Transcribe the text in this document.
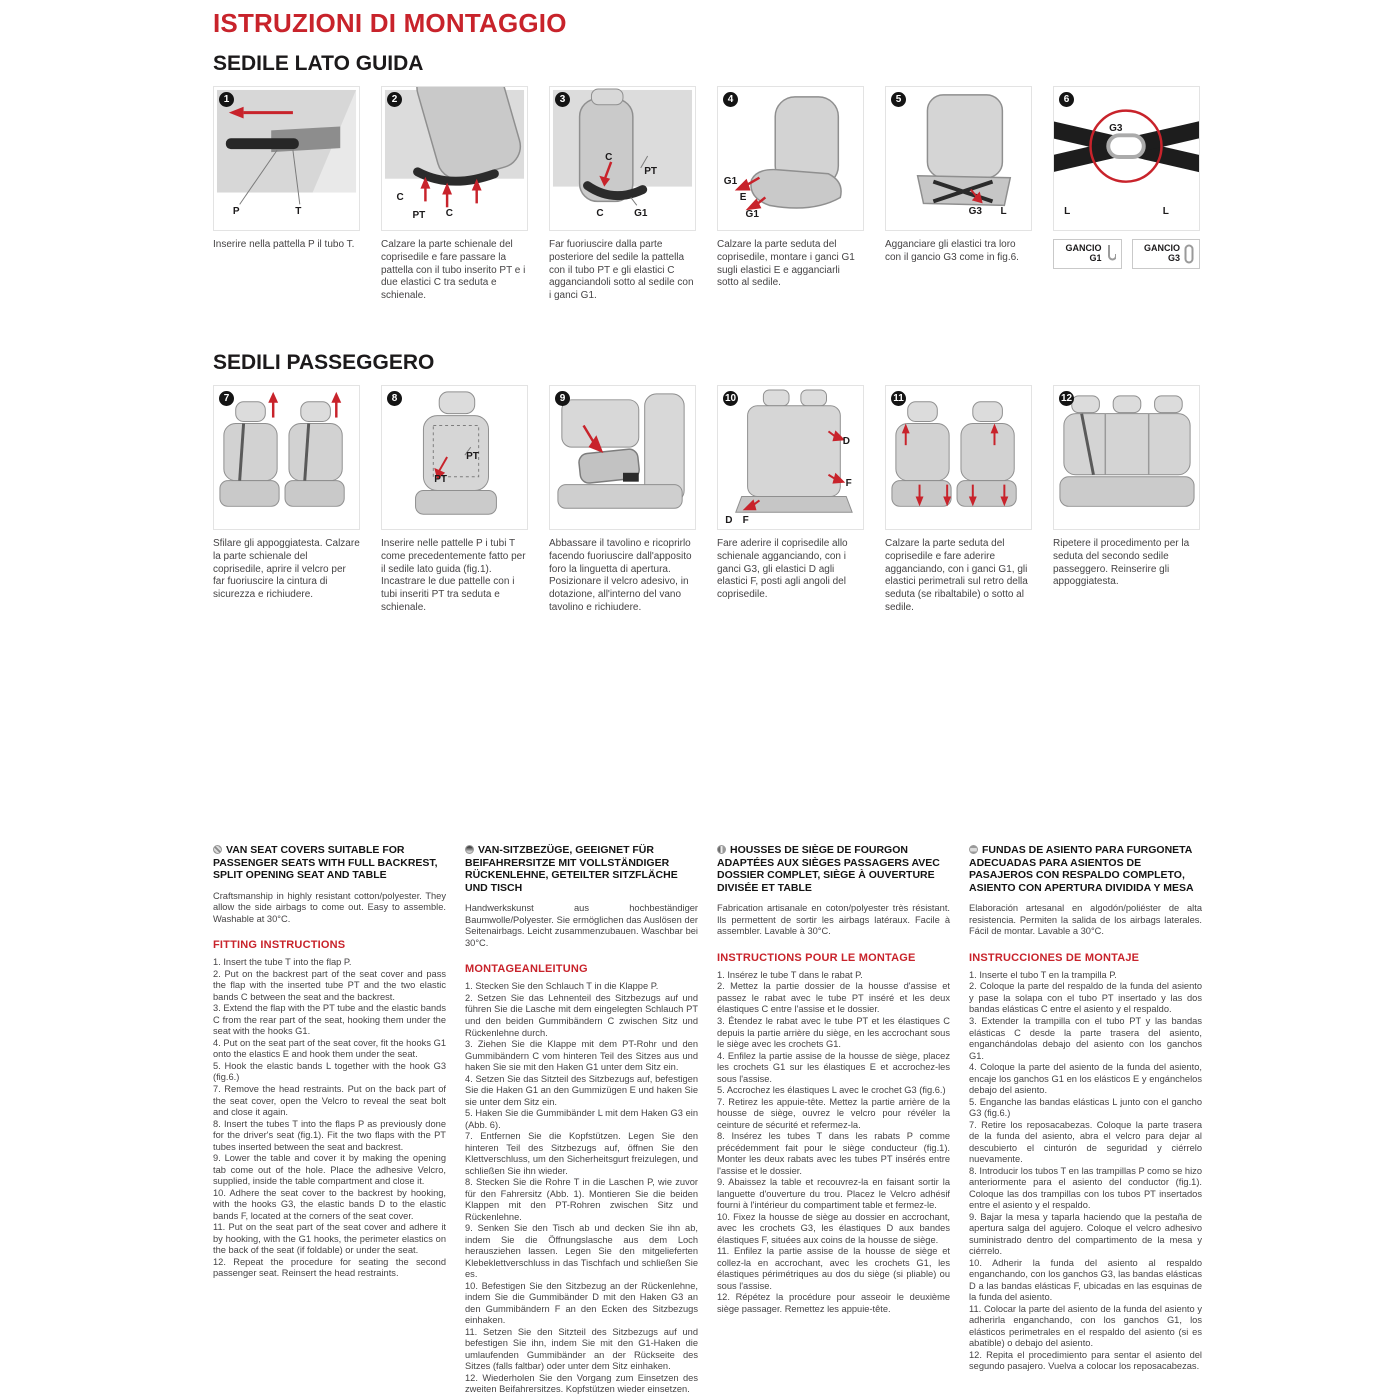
ISTRUZIONI DI MONTAGGIO
SEDILE LATO GUIDA
1
P	T
2
C
PT C
3
C
PT
G1
C
4
G1
E
G1
5
G3 L
6
G3
L	L
Inserire nella pattella P il tubo T.	Calzare la parte schienale del coprisedile e fare passare la pattella con il tubo inserito PT e i due elastici C tra seduta e schienale.
Far fuoriuscire dalla parte posteriore del sedile la pattella con il tubo PT e gli elastici C agganciandoli sotto al sedile con i ganci G1.
Calzare la parte seduta del coprisedile, montare i ganci G1 sugli elastici E e agganciarli sotto al sedile.
Agganciare gli elastici tra loro con il gancio G3 come in fig.6.
GANCIO G1
GANCIO G3
SEDILI PASSEGGERO
7	8
PT
PT
9	10
D
F
D F
11	12
Sfilare gli appoggiatesta. Calzare la parte schienale del coprisedile, aprire il velcro per far fuoriuscire la cintura di sicurezza e richiudere.
Inserire nelle pattelle P i tubi T come precedentemente fatto per il sedile lato guida (fig.1). Incastrare le due pattelle con i tubi inseriti PT tra seduta e schienale.
Abbassare il tavolino e ricoprirlo facendo fuoriuscire dall'apposito foro la linguetta di apertura. Posizionare il velcro adesivo, in dotazione, all'interno del vano tavolino e richiudere.
Fare aderire il coprisedile allo schienale agganciando, con i ganci G3, gli elastici D agli elastici F, posti agli angoli del coprisedile.
Calzare la parte seduta del coprisedile e fare aderire agganciando, con i ganci G1, gli elastici perimetrali sul retro della seduta (se ribaltabile) o sotto al sedile.
Ripetere il procedimento per la seduta del secondo sedile passeggero. Reinserire gli appoggiatesta.
VAN SEAT COVERS SUITABLE FOR PASSENGER SEATS WITH FULL BACKREST, SPLIT OPENING SEAT AND TABLE

Craftsmanship in highly resistant cotton/polyester. They allow the side airbags to come out. Easy to assemble. Washable at 30°C.

FITTING INSTRUCTIONS

1. Insert the tube T into the flap P.

2. Put on the backrest part of the seat cover and pass the flap with the inserted tube PT and the two elastic bands C between the seat and the backrest.

3. Extend the flap with the PT tube and the elastic bands C from the rear part of the seat, hooking them under the seat with the hooks G1.

4. Put on the seat part of the seat cover, fit the hooks G1 onto the elastics E and hook them under the seat.

5. Hook the elastic bands L together with the hook G3 (fig.6.)

7. Remove the head restraints. Put on the back part of the seat cover, open the Velcro to reveal the seat bolt and close it again.

8. Insert the tubes T into the flaps P as previously done for the driver's seat (fig.1). Fit the two flaps with the PT tubes inserted between the seat and backrest.

9. Lower the table and cover it by making the opening tab come out of the hole. Place the adhesive Velcro, supplied, inside the table compartment and close it.

10. Adhere the seat cover to the backrest by hooking, with the hooks G3, the elastic bands D to the elastic bands F, located at the corners of the seat cover.

11. Put on the seat part of the seat cover and adhere it by hooking, with the G1 hooks, the perimeter elastics on the back of the seat (if foldable) or under the seat.

12. Repeat the procedure for seating the second passenger seat. Reinsert the head restraints.

VAN-SITZBEZÜGE, GEEIGNET FÜR BEIFAHRERSITZE MIT VOLLSTÄNDIGER RÜCKENLEHNE, GETEILTER SITZFLÄCHE UND TISCH

Handwerkskunst aus hochbeständiger Baumwolle/Polyester. Sie ermöglichen das Auslösen der Seitenairbags. Leicht zusammenzubauen. Waschbar bei 30°C.

MONTAGEANLEITUNG

1. Stecken Sie den Schlauch T in die Klappe P.

2. Setzen Sie das Lehnenteil des Sitzbezugs auf und führen Sie die Lasche mit dem eingelegten Schlauch PT und den beiden Gummibändern C zwischen Sitz und Rückenlehne durch.

3. Ziehen Sie die Klappe mit dem PT-Rohr und den Gummibändern C vom hinteren Teil des Sitzes aus und haken Sie sie mit den Haken G1 unter dem Sitz ein.

4. Setzen Sie das Sitzteil des Sitzbezugs auf, befestigen Sie die Haken G1 an den Gummizügen E und haken Sie sie unter dem Sitz ein.

5. Haken Sie die Gummibänder L mit dem Haken G3 ein (Abb. 6).

7. Entfernen Sie die Kopfstützen. Legen Sie den hinteren Teil des Sitzbezugs auf, öffnen Sie den Klettverschluss, um den Sicherheitsgurt freizulegen, und schließen Sie ihn wieder.

8. Stecken Sie die Rohre T in die Laschen P, wie zuvor für den Fahrersitz (Abb. 1). Montieren Sie die beiden Klappen mit den PT-Rohren zwischen Sitz und Rückenlehne.

9. Senken Sie den Tisch ab und decken Sie ihn ab, indem Sie die Öffnungslasche aus dem Loch herausziehen lassen. Legen Sie den mitgelieferten Klebeklettverschluss in das Tischfach und schließen Sie es.

10. Befestigen Sie den Sitzbezug an der Rückenlehne, indem Sie die Gummibänder D mit den Haken G3 an den Gummibändern F an den Ecken des Sitzbezugs einhaken.

11. Setzen Sie den Sitzteil des Sitzbezugs auf und befestigen Sie ihn, indem Sie mit den G1-Haken die umlaufenden Gummibänder an der Rückseite des Sitzes (falls faltbar) oder unter dem Sitz einhaken.

12. Wiederholen Sie den Vorgang zum Einsetzen des zweiten Beifahrersitzes. Kopfstützen wieder einsetzen.

HOUSSES DE SIÈGE DE FOURGON ADAPTÉES AUX SIÈGES PASSAGERS AVEC DOSSIER COMPLET, SIÈGE À OUVERTURE DIVISÉE ET TABLE

Fabrication artisanale en coton/polyester très résistant. Ils permettent de sortir les airbags latéraux. Facile à assembler. Lavable à 30°C.

INSTRUCTIONS POUR LE MONTAGE

1. Insérez le tube T dans le rabat P.

2. Mettez la partie dossier de la housse d'assise et passez le rabat avec le tube PT inséré et les deux élastiques C entre l'assise et le dossier.

3. Étendez le rabat avec le tube PT et les élastiques C depuis la partie arrière du siège, en les accrochant sous le siège avec les crochets G1.

4. Enfilez la partie assise de la housse de siège, placez les crochets G1 sur les élastiques E et accrochez-les sous l'assise.

5. Accrochez les élastiques L avec le crochet G3 (fig.6.)

7. Retirez les appuie-tête. Mettez la partie arrière de la housse de siège, ouvrez le velcro pour révéler la ceinture de sécurité et refermez-la.

8. Insérez les tubes T dans les rabats P comme précédemment fait pour le siège conducteur (fig.1). Monter les deux rabats avec les tubes PT insérés entre l'assise et le dossier.

9. Abaissez la table et recouvrez-la en faisant sortir la languette d'ouverture du trou. Placez le Velcro adhésif fourni à l'intérieur du compartiment table et fermez-le.

10. Fixez la housse de siège au dossier en accrochant, avec les crochets G3, les élastiques D aux bandes élastiques F, situées aux coins de la housse de siège.

11. Enfilez la partie assise de la housse de siège et collez-la en accrochant, avec les crochets G1, les élastiques périmétriques au dos du siège (si pliable) ou sous l'assise.

12. Répétez la procédure pour asseoir le deuxième siège passager. Remettez les appuie-tête.

FUNDAS DE ASIENTO PARA FURGONETA ADECUADAS PARA ASIENTOS DE PASAJEROS CON RESPALDO COMPLETO, ASIENTO CON APERTURA DIVIDIDA Y MESA

Elaboración artesanal en algodón/poliéster de alta resistencia. Permiten la salida de los airbags laterales. Fácil de montar. Lavable a 30°C.

INSTRUCCIONES DE MONTAJE

1. Inserte el tubo T en la trampilla P.

2. Coloque la parte del respaldo de la funda del asiento y pase la solapa con el tubo PT insertado y las dos bandas elásticas C entre el asiento y el respaldo.

3. Extender la trampilla con el tubo PT y las bandas elásticas C desde la parte trasera del asiento, enganchándolas debajo del asiento con los ganchos G1.

4. Coloque la parte del asiento de la funda del asiento, encaje los ganchos G1 en los elásticos E y engánchelos debajo del asiento.

5. Enganche las bandas elásticas L junto con el gancho G3 (fig.6.)

7. Retire los reposacabezas. Coloque la parte trasera de la funda del asiento, abra el velcro para dejar al descubierto el cinturón de seguridad y ciérrelo nuevamente.

8. Introducir los tubos T en las trampillas P como se hizo anteriormente para el asiento del conductor (fig.1). Coloque las dos trampillas con los tubos PT insertados entre el asiento y el respaldo.

9. Bajar la mesa y taparla haciendo que la pestaña de apertura salga del agujero. Coloque el velcro adhesivo suministrado dentro del compartimento de la mesa y ciérrelo.

10. Adherir la funda del asiento al respaldo enganchando, con los ganchos G3, las bandas elásticas D a las bandas elásticas F, ubicadas en las esquinas de la funda del asiento.

11. Colocar la parte del asiento de la funda del asiento y adherirla enganchando, con los ganchos G1, los elásticos perimetrales en el respaldo del asiento (si es abatible) o debajo del asiento.

12. Repita el procedimiento para sentar el asiento del segundo pasajero. Vuelva a colocar los reposacabezas.
